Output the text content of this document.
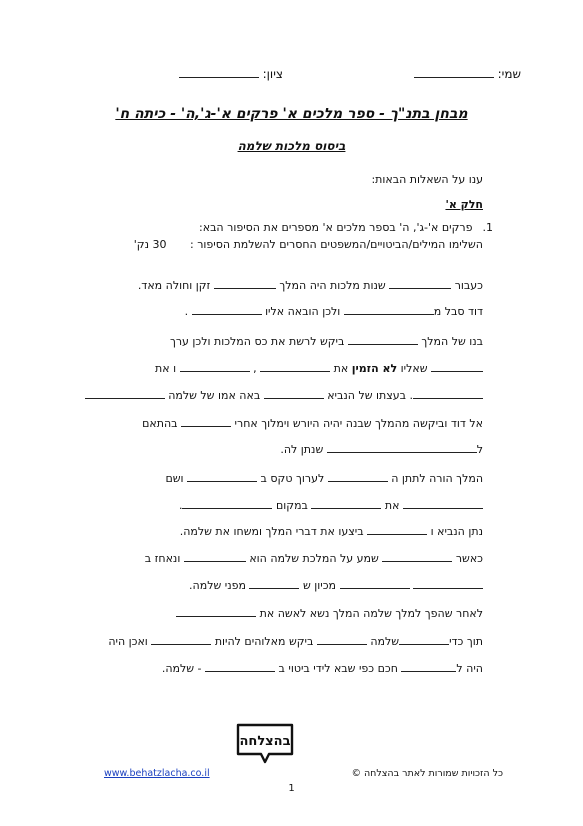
שמי:
ציון:
מבחן בתנ"ך - ספר מלכים א' פרקים א'-ג',ה' - כיתה ח'
ביסוס מלכות שלמה
ענו על השאלות הבאות:
חלק א'
1.פרקים א'-ג', ה' בספר מלכים א' מספרים את הסיפור הבא:
השלימו המילים/הביטויים/המשפטים החסרים להשלמת הסיפור : 30 נק'
כעבור  שנות מלכות היה המלך  זקן וחולה מאד.
דוד סבל מ ולכן הובאה אליו  .
בנו של המלך  ביקש לרשת את כס המלכות ולכן ערך
שאליו לא הזמין את  ,  ו את
. בעצתו של הנביא  באה אמו של שלמה
אל דוד וביקשה מהמלך שבנה יהיה היורש וימלוך אחרי  בהתאם
ל שנתן לה.
המלך הורה לתתן ה  לערוך טקס ב  ושם
את  במקום .
נתן הנביא ו  ביצעו את דברי המלך ומשחו את שלמה.
כאשר  שמע על המלכת שלמה הוא  ונאחז ב
מכיון ש  מפני שלמה.
לאחר שהפך למלך שלמה המלך נשא לאשה את
תוך כדישלמה  ביקש מאלוהים להיות  ואכן היה
היה ל חכם כפי שבא לידי ביטוי ב  - שלמה.
בהצלחה
כל הזכויות שמורות לאתר בהצלחה ©
www.behatzlacha.co.il
1
